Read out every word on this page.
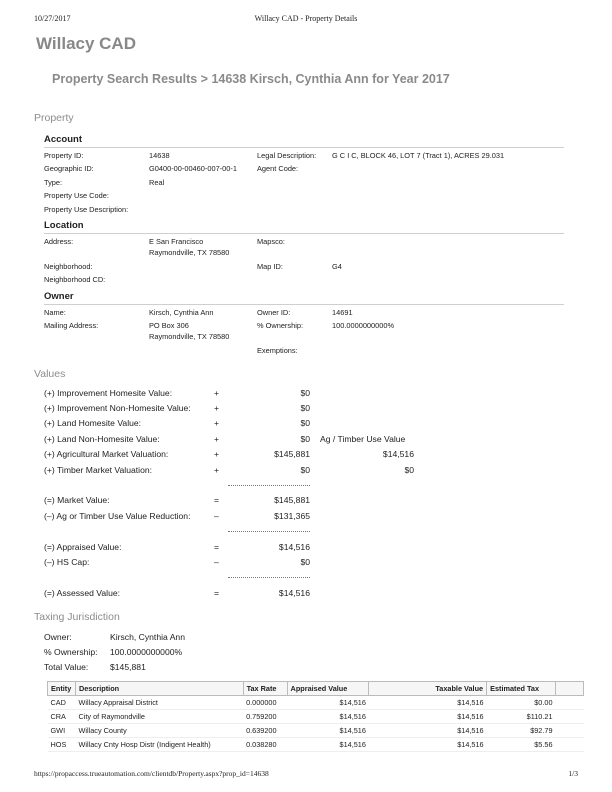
10/27/2017	Willacy CAD - Property Details
Willacy CAD
Property Search Results > 14638 Kirsch, Cynthia Ann for Year 2017
Property
Account
Property ID:	14638	Legal Description: G C I C, BLOCK 46, LOT 7 (Tract 1), ACRES 29.031
Geographic ID:	G0400-00-00460-007-00-1	Agent Code:
Type:	Real
Property Use Code:
Property Use Description:
Location
Address:	E San Francisco
Raymondville, TX 78580
Mapsco:
Neighborhood:	Map ID:	G4
Neighborhood CD:
Owner
Name:	Kirsch, Cynthia Ann	Owner ID:	14691
Mailing Address:	PO Box 306
Raymondville, TX 78580
% Ownership:	100.0000000000%
Exemptions:
Values
(+) Improvement Homesite Value:	+	$0
(+) Improvement Non-Homesite Value:	+	$0
(+) Land Homesite Value:	+	$0
(+) Land Non-Homesite Value:	+	$0 Ag / Timber Use Value
(+) Agricultural Market Valuation:	+	$145,881	$14,516
(+) Timber Market Valuation:	+	$0	$0
(=) Market Value:	=	$145,881
(–) Ag or Timber Use Value Reduction:	–	$131,365
(=) Appraised Value:	=	$14,516
(–) HS Cap:	–	$0
(=) Assessed Value:	=	$14,516
Taxing Jurisdiction
Owner:	Kirsch, Cynthia Ann
% Ownership: 100.0000000000%
Total Value:	$145,881
Entity	Description	Tax Rate	Appraised Value	Taxable Value	Estimated Tax	
CAD	Willacy Appraisal District	0.000000	$14,516	$14,516	$0.00	
CRA	City of Raymondville	0.759200	$14,516	$14,516	$110.21	
GWI	Willacy County	0.639200	$14,516	$14,516	$92.79	
HOS	Willacy Cnty Hosp Distr (Indigent Health)	0.038280	$14,516	$14,516	$5.56	
https://propaccess.trueautomation.com/clientdb/Property.aspx?prop_id=14638	1/3
